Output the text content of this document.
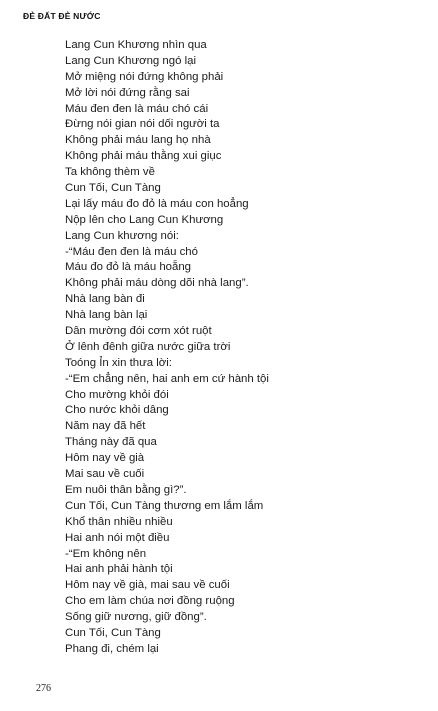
ĐẺ ĐẤT ĐẺ NƯỚC
Lang Cun Khương nhìn qua
Lang Cun Khương ngó lại
Mở miệng nói đứng không phải
Mở lời nói đứng rằng sai
Máu đen đen là máu chó cái
Đừng nói gian nói dối người ta
Không phải máu lang họ nhà
Không phải máu thằng xui giục
Ta không thèm về
Cun Tối, Cun Tàng
Lại lấy máu đo đỏ là máu con hoẳng
Nộp lên cho Lang Cun Khương
Lang Cun khương nói:
-“Máu đen đen là máu chó
Máu đo đỏ là máu hoẵng
Không phải máu dòng dõi nhà lang”.
Nhà lang bàn đi
Nhà lang bàn lại
Dân mường đói cơm xót ruột
Ở lênh đênh giữa nước giữa trời
Toóng Ỉn xin thưa lời:
-“Em chẳng nên, hai anh em cứ hành tội
Cho mường khỏi đói
Cho nước khỏi dâng
Năm nay đã hết
Tháng này đã qua
Hôm nay về già
Mai sau về cuối
Em nuôi thân bằng gì?”.
Cun Tối, Cun Tàng thương em lắm lắm
Khổ thân nhiều nhiều
Hai anh nói một điều
-“Em không nên
Hai anh phải hành tội
Hôm nay về già, mai sau về cuối
Cho em làm chúa nơi đồng ruộng
Sống giữ nương, giữ đồng”.
Cun Tối, Cun Tàng
Phang đi, chém lại
276
